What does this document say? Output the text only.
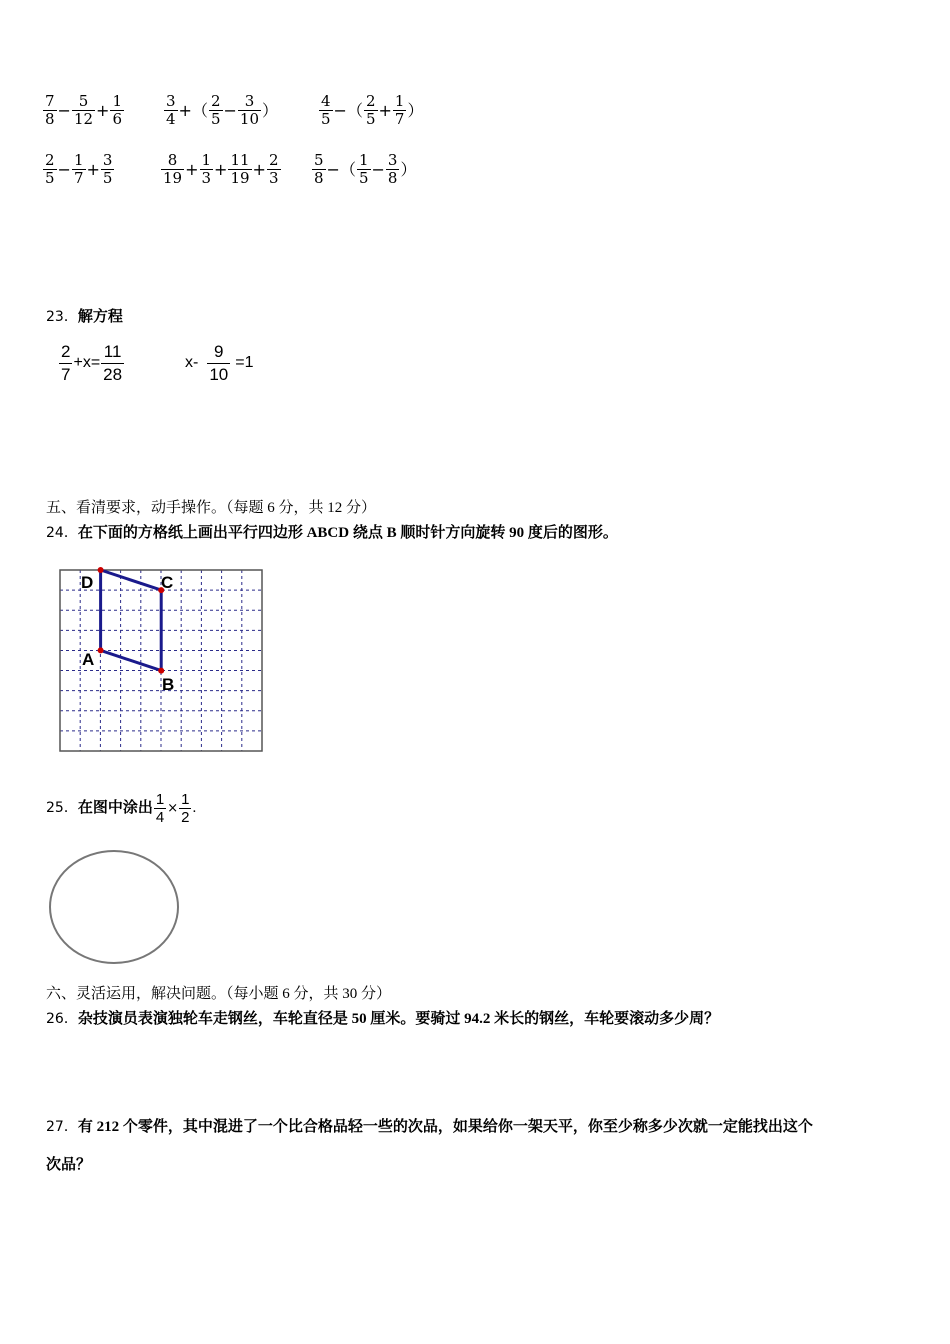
$\frac{7}{8} - \frac{5}{12} + \frac{1}{6}$	$\frac{3}{4}$ +（ $\frac{2}{5} - \frac{3}{10}$ ）	$\frac{4}{5}$ −（ $\frac{2}{5} + \frac{1}{7}$ ）
$\frac{2}{5} - \frac{1}{7} + \frac{3}{5}$	$\frac{8}{19} + \frac{1}{3} + \frac{11}{19} + \frac{2}{3} \frac{5}{8}$ −（ $\frac{1}{5} - \frac{3}{8}$ ）
23．解方程
$\frac{2}{7} +x= \frac{11}{28}$	$x- \frac{9}{10} =1$
五、看清要求，动手操作。（每题 6 分，共 12 分）
24．在下面的方格纸上画出平行四边形 ABCD 绕点 B 顺时针方向旋转 90 度后的图形。
D	C
A
B
25．在图中涂出 $\frac{1}{4} \times \frac{1}{2}$ .
六、灵活运用，解决问题。（每小题 6 分，共 30 分）
26．杂技演员表演独轮车走钢丝，车轮直径是 50 厘米。要骑过 94.2 米长的钢丝，车轮要滚动多少周？
27．有 212 个零件，其中混进了一个比合格品轻一些的次品，如果给你一架天平，你至少称多少次就一定能找出这个
次品？
